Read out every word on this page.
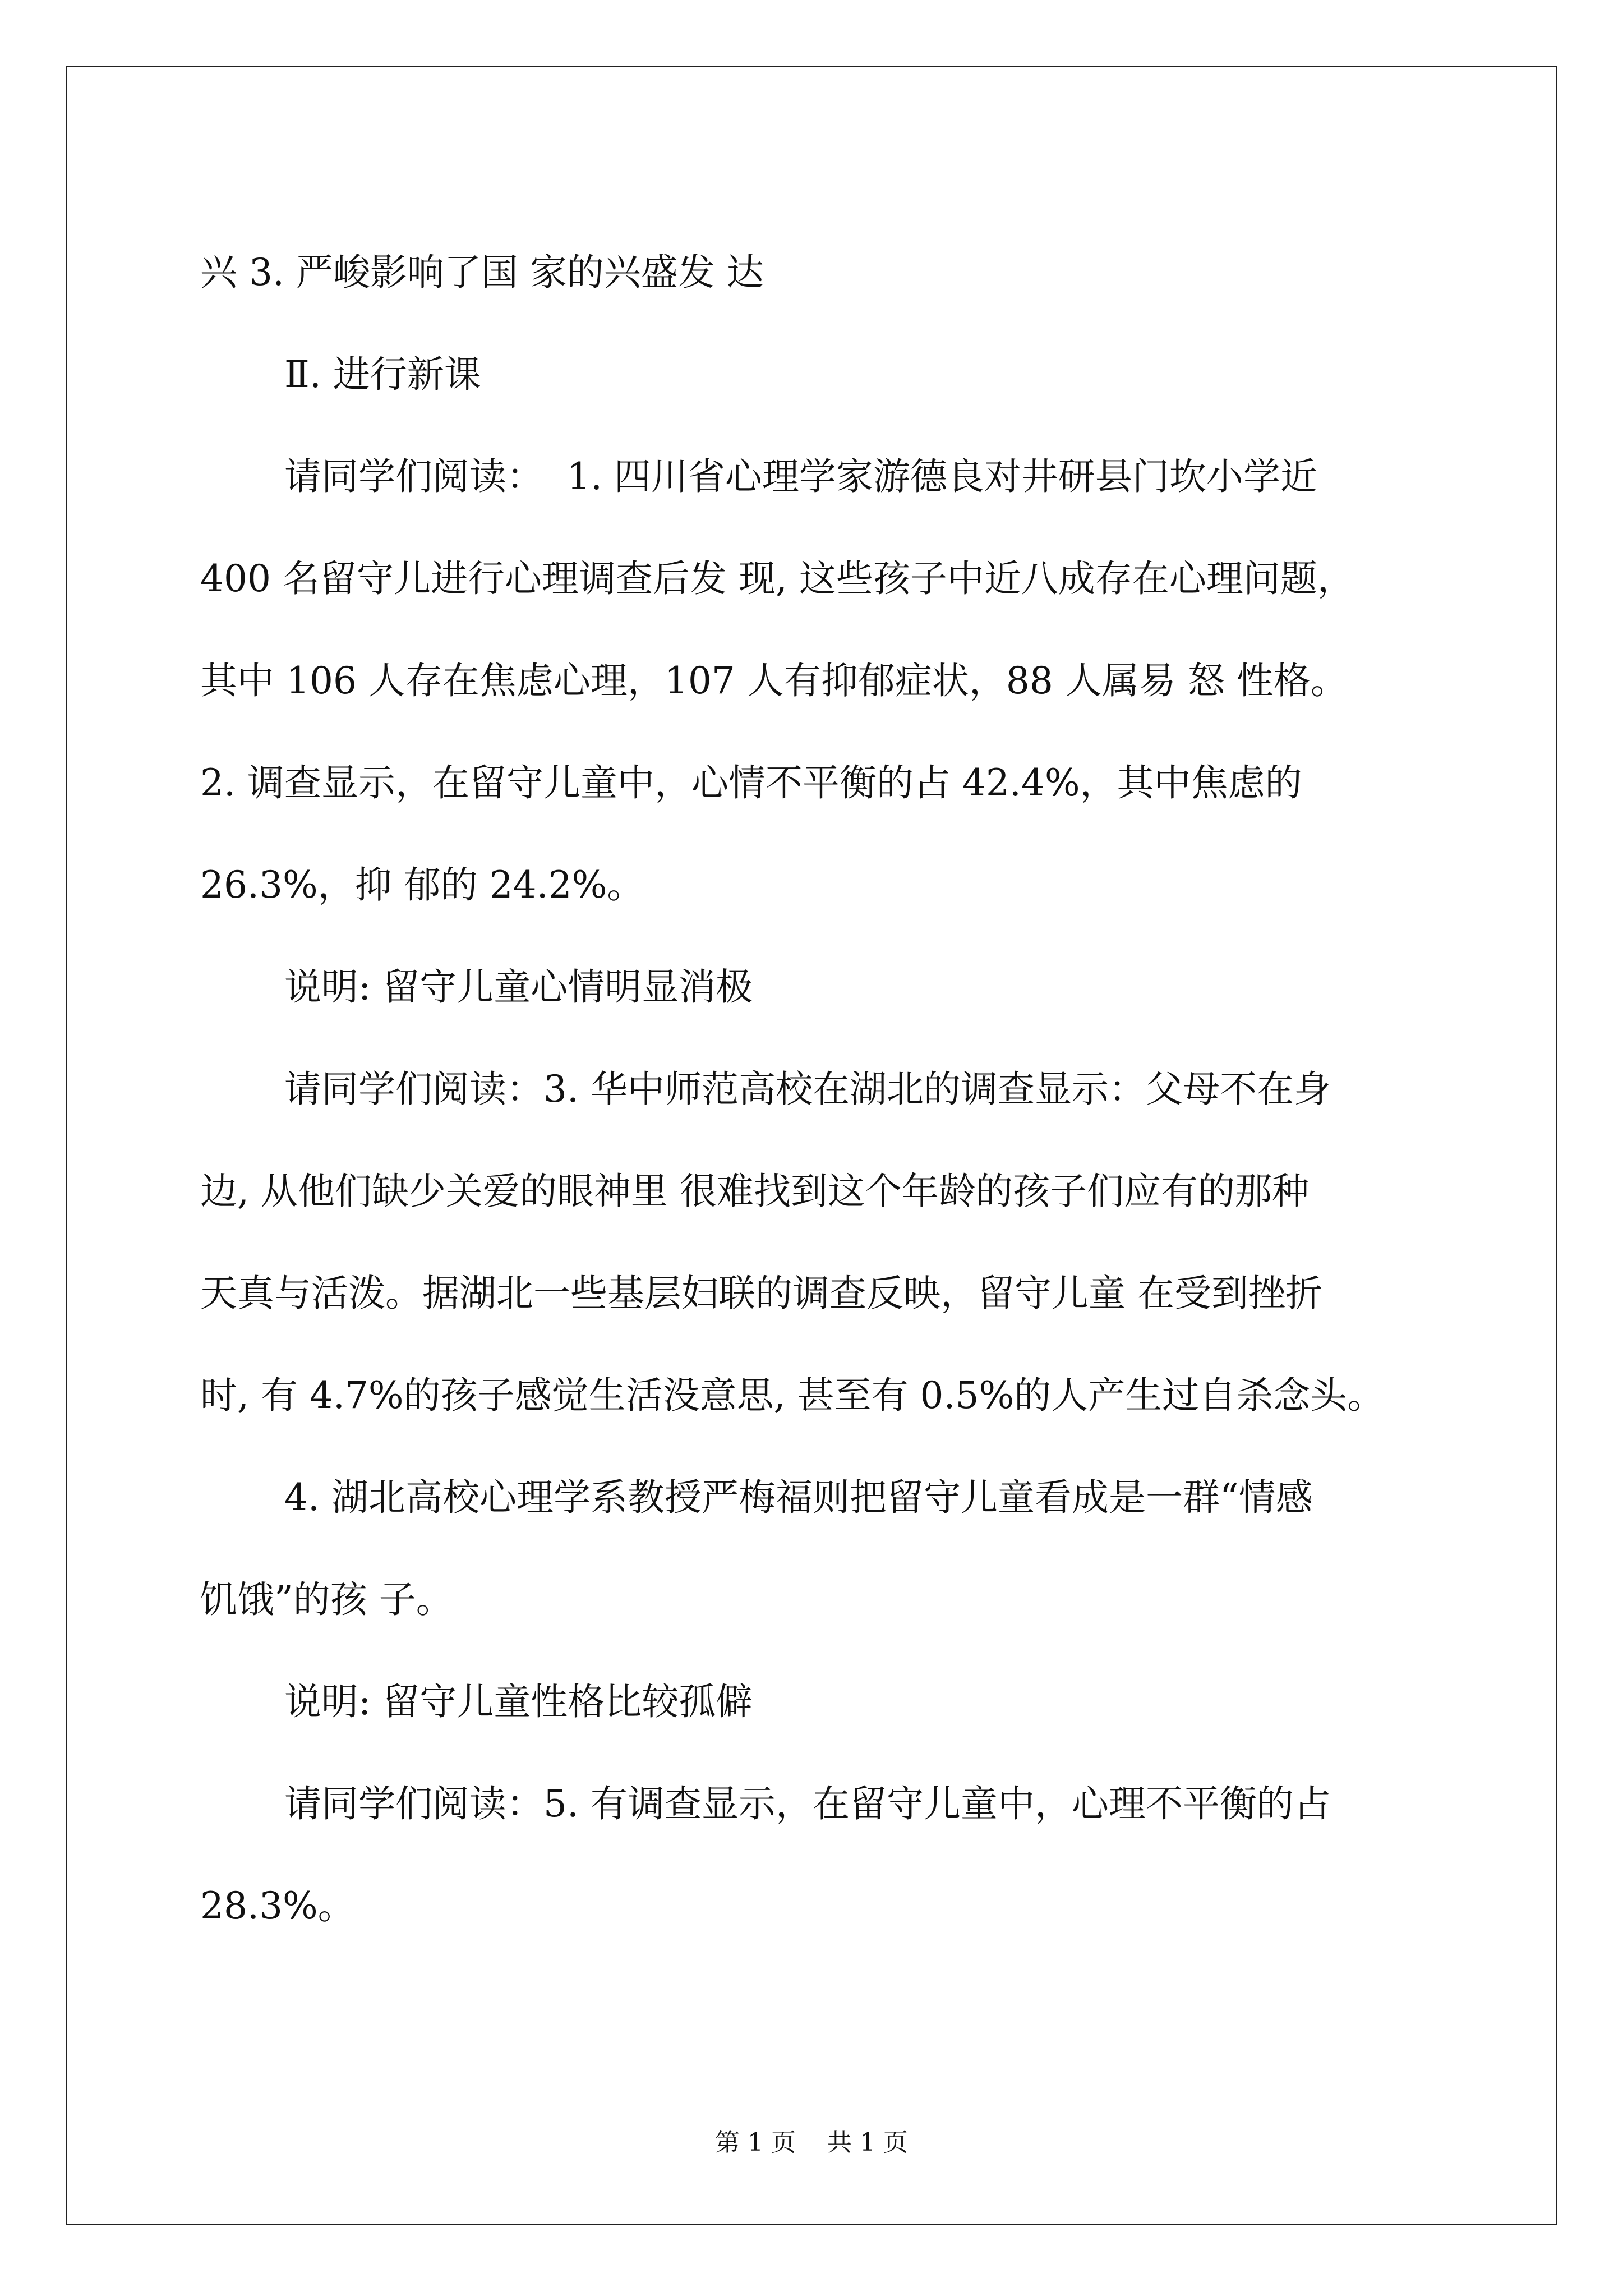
兴 3. 严峻影响了国 家的兴盛发 达
Ⅱ. 进行新课
请同学们阅读：  1. 四川省心理学家游德良对井研县门坎小学近
400 名留守儿进行心理调查后发 现, 这些孩子中近八成存在心理问题，
其中 106 人存在焦虑心理，107 人有抑郁症状，88 人属易 怒 性格。
2. 调查显示，在留守儿童中，心情不平衡的占 42.4%，其中焦虑的
26.3%，抑 郁的 24.2%。
说明: 留守儿童心情明显消极
请同学们阅读：3. 华中师范高校在湖北的调查显示：父母不在身
边, 从他们缺少关爱的眼神里 很难找到这个年龄的孩子们应有的那种
天真与活泼。据湖北一些基层妇联的调查反映，留守儿童 在受到挫折
时, 有 4.7%的孩子感觉生活没意思, 甚至有 0.5%的人产生过自杀念头。
4. 湖北高校心理学系教授严梅福则把留守儿童看成是一群“情感
饥饿”的孩 子。
说明: 留守儿童性格比较孤僻
请同学们阅读：5. 有调查显示，在留守儿童中，心理不平衡的占
28.3%。
第 1 页    共 1 页
